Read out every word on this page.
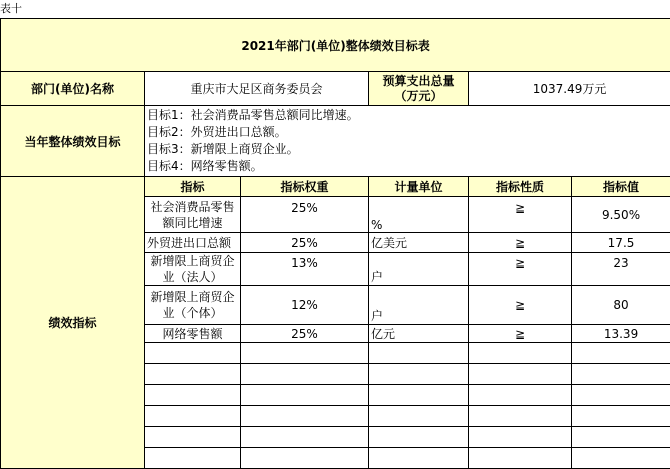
表十
2021年部门(单位)整体绩效目标表					
部门(单位)名称	重庆市大足区商务委员会		预算支出总量
（万元）	1037.49万元	
当年整体绩效目标	目标1：社会消费品零售总额同比增速。
目标2：外贸进出口总额。
目标3：新增限上商贸企业。
目标4：网络零售额。				

绩效指标	指标	指标权重	计量单位	指标性质	指标值

	社会消费品零售
额同比增速	25%	%	≧	9.50%
	外贸进出口总额	25%	亿美元	≧	17.5

	新增限上商贸企
业（法人）	13%	户	≧	23

	新增限上商贸企
业（个体）	12%	户	≧	80
	网络零售额	25%	亿元	≧	13.39
